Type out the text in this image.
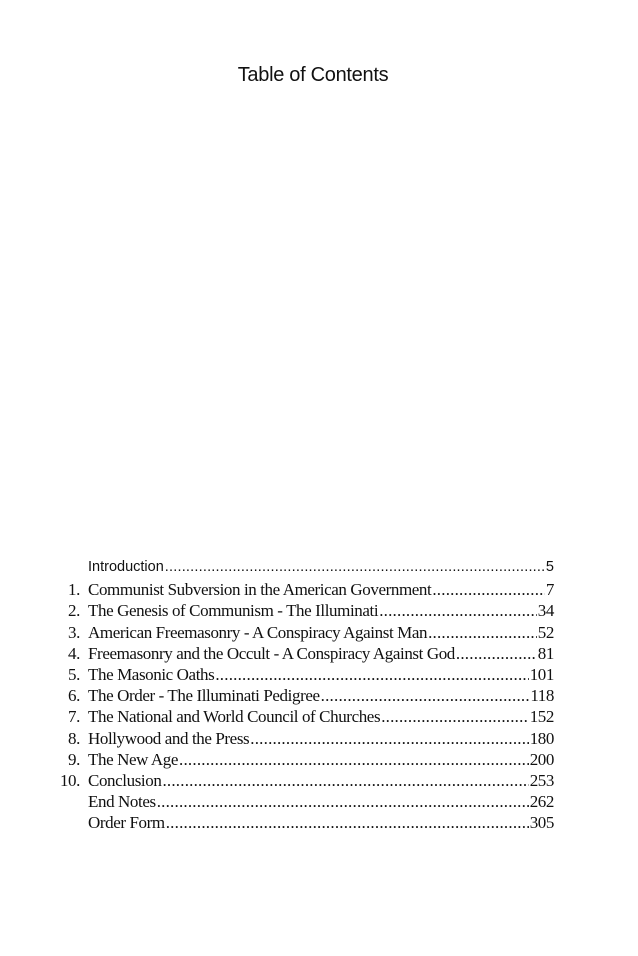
Table of Contents
Introduction .....	5
1. Communist Subversion in the American Government .....	7
2. The Genesis of Communism - The Illuminati .....	34
3. American Freemasonry - A Conspiracy Against Man .....	52
4. Freemasonry and the Occult - A Conspiracy Against God .....	81
5. The Masonic Oaths .....	101
6. The Order - The Illuminati Pedigree .....	118
7. The National and World Council of Churches .....	152
8. Hollywood and the Press .....	180
9. The New Age .....	200
10. Conclusion .....	253
End Notes .....	262
Order Form .....	305
